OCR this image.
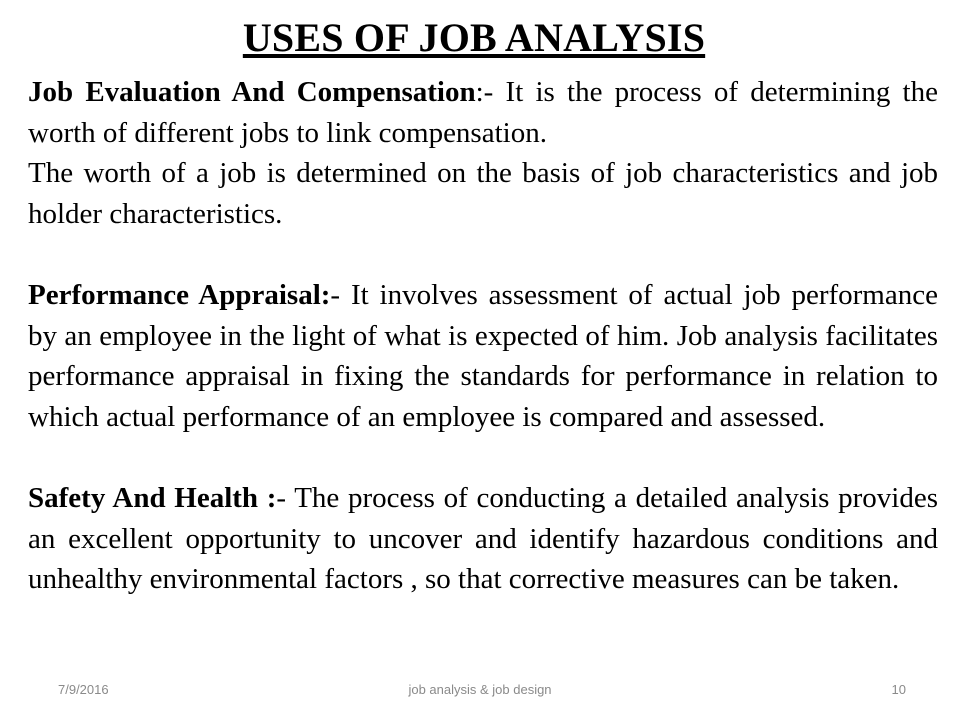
USES OF JOB ANALYSIS

Job Evaluation And Compensation:- It is the process of determining the worth of different jobs to link compensation.

The worth of a job is determined on the basis of job characteristics and job holder characteristics.

Performance Appraisal:- It involves assessment of actual job performance by an employee in the light of what is expected of him. Job analysis facilitates performance appraisal in fixing the standards for performance in relation to which actual performance of an employee is compared and assessed.

Safety And Health :- The process of conducting a detailed analysis provides an excellent opportunity to uncover and identify hazardous conditions and unhealthy environmental factors , so that corrective measures can be taken.

7/9/2016	job analysis & job design	10
